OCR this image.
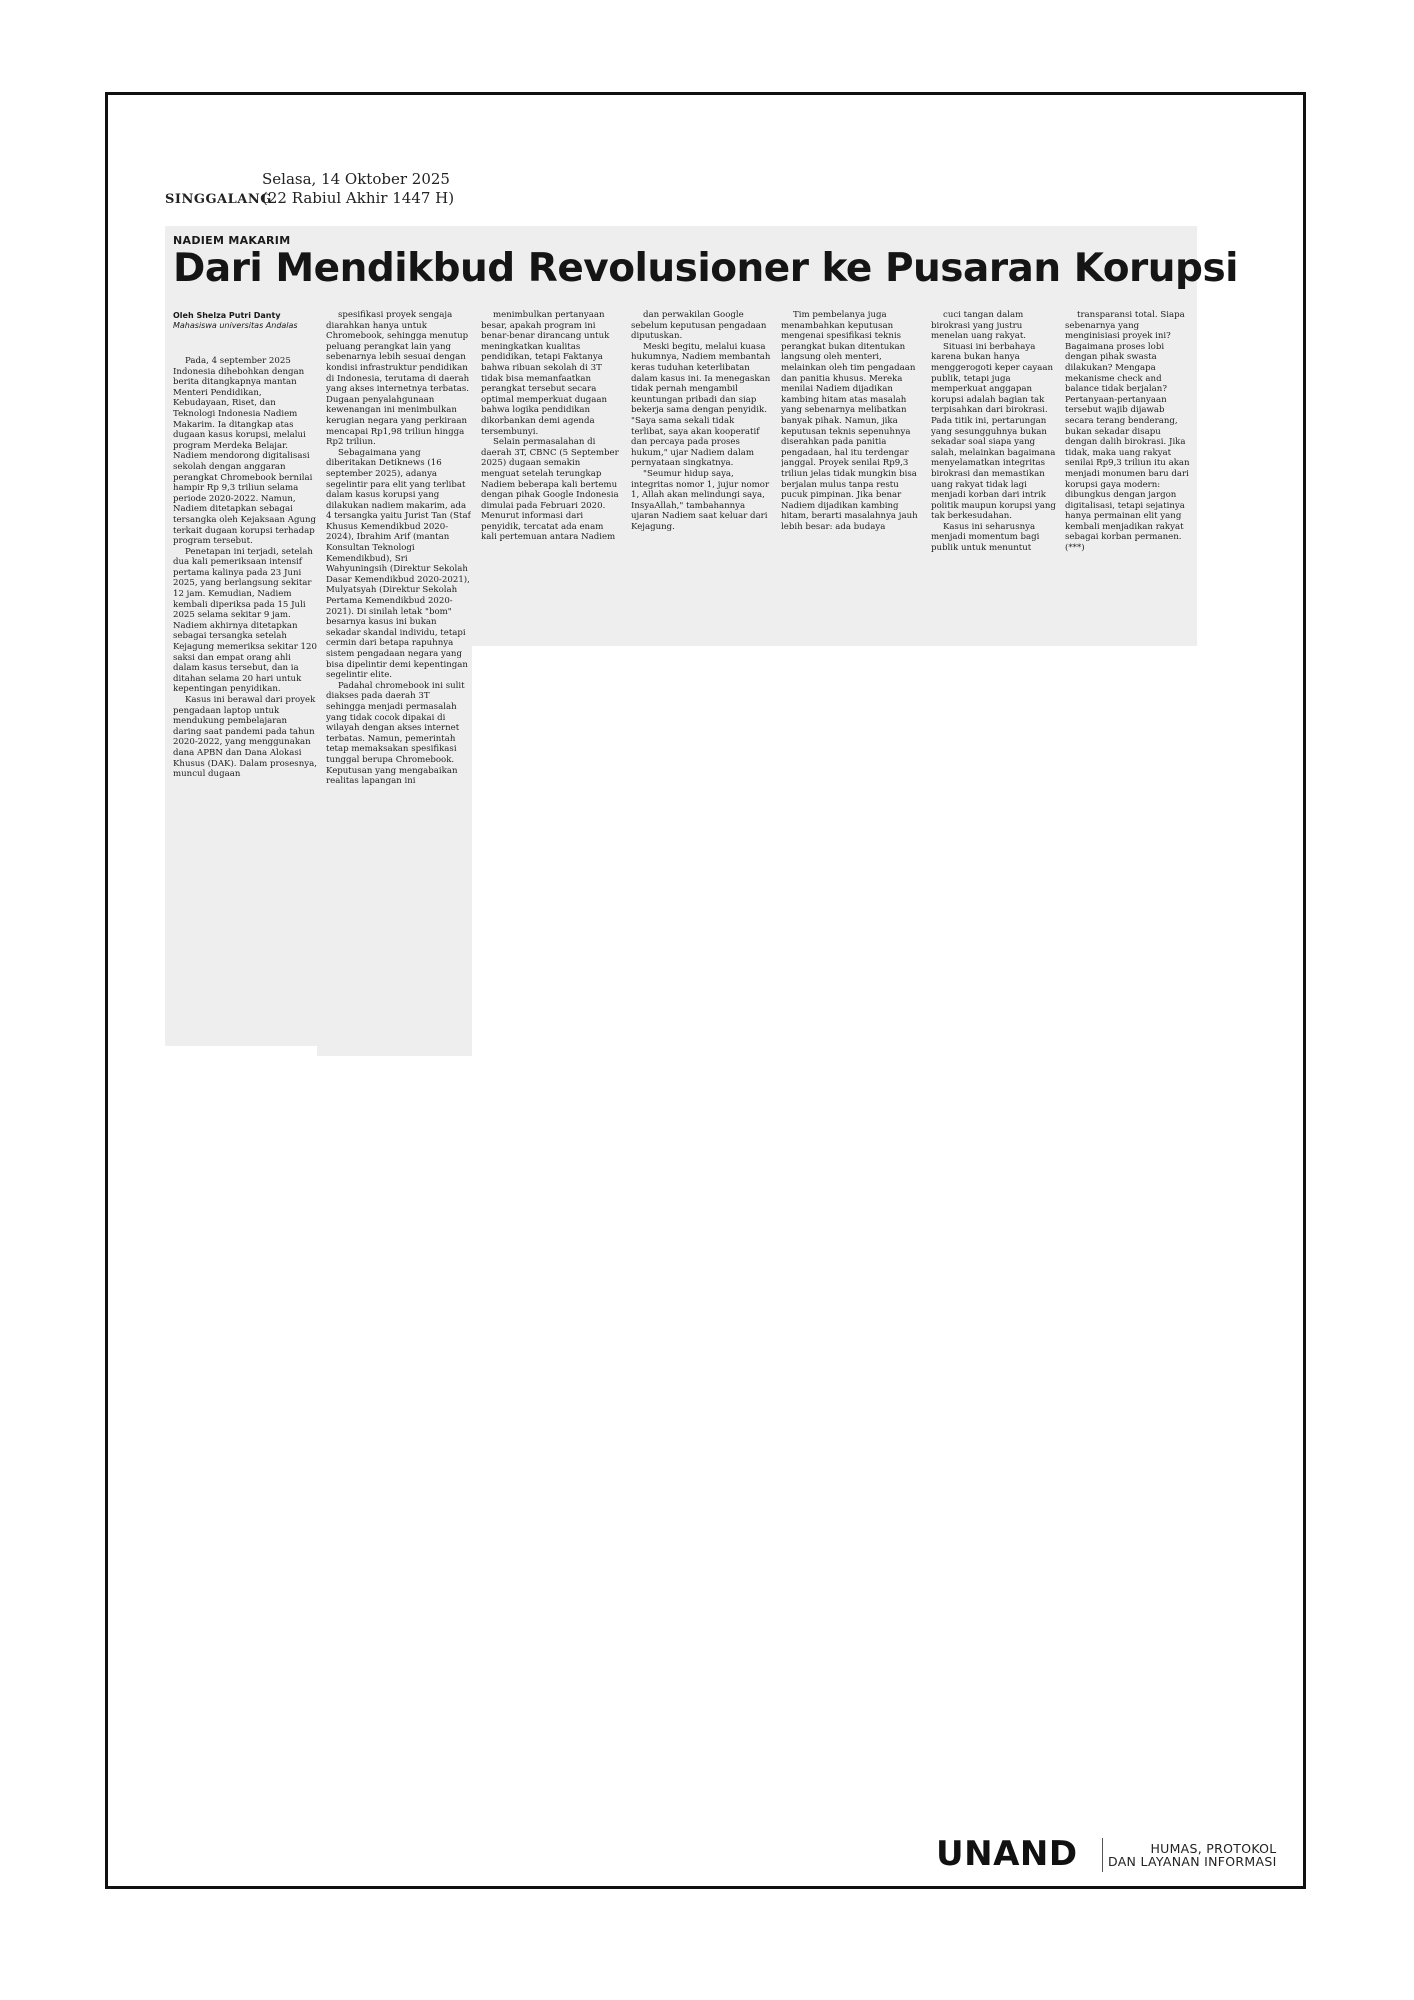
SINGGALANG
Selasa, 14 Oktober 2025
(22 Rabiul Akhir 1447 H)
NADIEM MAKARIM
Dari Mendikbud Revolusioner ke Pusaran Korupsi
Oleh Shelza Putri Danty
Mahasiswa universitas Andalas

Pada, 4 september 2025 Indonesia dihebohkan dengan berita ditangkapnya mantan Menteri Pendidikan, Kebudayaan, Riset, dan Teknologi Indonesia Nadiem Makarim. Ia ditangkap atas dugaan kasus korupsi, melalui program Merdeka Belajar. Nadiem mendorong digitalisasi sekolah dengan anggaran perangkat Chromebook bernilai hampir Rp 9,3 triliun selama periode 2020-2022. Namun, Nadiem ditetapkan sebagai tersangka oleh Kejaksaan Agung terkait dugaan korupsi terhadap program tersebut.

Penetapan ini terjadi, setelah dua kali pemeriksaan intensif pertama kalinya pada 23 Juni 2025, yang berlangsung sekitar 12 jam. Kemudian, Nadiem kembali diperiksa pada 15 Juli 2025 selama sekitar 9 jam. Nadiem akhirnya ditetapkan sebagai tersangka setelah Kejagung memeriksa sekitar 120 saksi dan empat orang ahli dalam kasus tersebut, dan ia ditahan selama 20 hari untuk kepentingan penyidikan.

Kasus ini berawal dari proyek pengadaan laptop untuk mendukung pembelajaran daring saat pandemi pada tahun 2020-2022, yang menggunakan dana APBN dan Dana Alokasi Khusus (DAK). Dalam prosesnya, muncul dugaan

spesifikasi proyek sengaja diarahkan hanya untuk Chromebook, sehingga menutup peluang perangkat lain yang sebenarnya lebih sesuai dengan kondisi infrastruktur pendidikan di Indonesia, terutama di daerah yang akses internetnya terbatas. Dugaan penyalahgunaan kewenangan ini menimbulkan kerugian negara yang perkiraan mencapai Rp1,98 triliun hingga Rp2 triliun.

Sebagaimana yang diberitakan Detiknews (16 september 2025), adanya segelintir para elit yang terlibat dalam kasus korupsi yang dilakukan nadiem makarim, ada 4 tersangka yaitu Jurist Tan (Staf Khusus Kemendikbud 2020-2024), Ibrahim Arif (mantan Konsultan Teknologi Kemendikbud), Sri Wahyuningsih (Direktur Sekolah Dasar Kemendikbud 2020-2021), Mulyatsyah (Direktur Sekolah Pertama Kemendikbud 2020-2021). Di sinilah letak "bom" besarnya kasus ini bukan sekadar skandal individu, tetapi cermin dari betapa rapuhnya sistem pengadaan negara yang bisa dipelintir demi kepentingan segelintir elite.

Padahal chromebook ini sulit diakses pada daerah 3T sehingga menjadi permasalah yang tidak cocok dipakai di wilayah dengan akses internet terbatas. Namun, pemerintah tetap memaksakan spesifikasi tunggal berupa Chromebook. Keputusan yang mengabaikan realitas lapangan ini

menimbulkan pertanyaan besar, apakah program ini benar-benar dirancang untuk meningkatkan kualitas pendidikan, tetapi Faktanya bahwa ribuan sekolah di 3T tidak bisa memanfaatkan perangkat tersebut secara optimal memperkuat dugaan bahwa logika pendidikan dikorbankan demi agenda tersembunyi.

Selain permasalahan di daerah 3T, CBNC (5 September 2025) dugaan semakin menguat setelah terungkap Nadiem beberapa kali bertemu dengan pihak Google Indonesia dimulai pada Februari 2020. Menurut informasi dari penyidik, tercatat ada enam kali pertemuan antara Nadiem

dan perwakilan Google sebelum keputusan pengadaan diputuskan.

Meski begitu, melalui kuasa hukumnya, Nadiem membantah keras tuduhan keterlibatan dalam kasus ini. Ia menegaskan tidak pernah mengambil keuntungan pribadi dan siap bekerja sama dengan penyidik. "Saya sama sekali tidak terlibat, saya akan kooperatif dan percaya pada proses hukum," ujar Nadiem dalam pernyataan singkatnya.

"Seumur hidup saya, integritas nomor 1, jujur nomor 1, Allah akan melindungi saya, InsyaAllah," tambahannya ujaran Nadiem saat keluar dari Kejagung.

Tim pembelanya juga menambahkan keputusan mengenai spesifikasi teknis perangkat bukan ditentukan langsung oleh menteri, melainkan oleh tim pengadaan dan panitia khusus. Mereka menilai Nadiem dijadikan kambing hitam atas masalah yang sebenarnya melibatkan banyak pihak. Namun, jika keputusan teknis sepenuhnya diserahkan pada panitia pengadaan, hal itu terdengar janggal. Proyek senilai Rp9,3 triliun jelas tidak mungkin bisa berjalan mulus tanpa restu pucuk pimpinan. Jika benar Nadiem dijadikan kambing hitam, berarti masalahnya jauh lebih besar: ada budaya

cuci tangan dalam birokrasi yang justru menelan uang rakyat.

Situasi ini berbahaya karena bukan hanya menggerogoti keper cayaan publik, tetapi juga memperkuat anggapan korupsi adalah bagian tak terpisahkan dari birokrasi. Pada titik ini, pertarungan yang sesungguhnya bukan sekadar soal siapa yang salah, melainkan bagaimana menyelamatkan integritas birokrasi dan memastikan uang rakyat tidak lagi menjadi korban dari intrik politik maupun korupsi yang tak berkesudahan.

Kasus ini seharusnya menjadi momentum bagi publik untuk menuntut

transparansi total. Siapa sebenarnya yang menginisiasi proyek ini? Bagaimana proses lobi dengan pihak swasta dilakukan? Mengapa mekanisme check and balance tidak berjalan? Pertanyaan-pertanyaan tersebut wajib dijawab secara terang benderang, bukan sekadar disapu dengan dalih birokrasi. Jika tidak, maka uang rakyat senilai Rp9,3 triliun itu akan menjadi monumen baru dari korupsi gaya modern: dibungkus dengan jargon digitalisasi, tetapi sejatinya hanya permainan elit yang kembali menjadikan rakyat sebagai korban permanen. (***)

UNAND	HUMAS, PROTOKOL
DAN LAYANAN INFORMASI
